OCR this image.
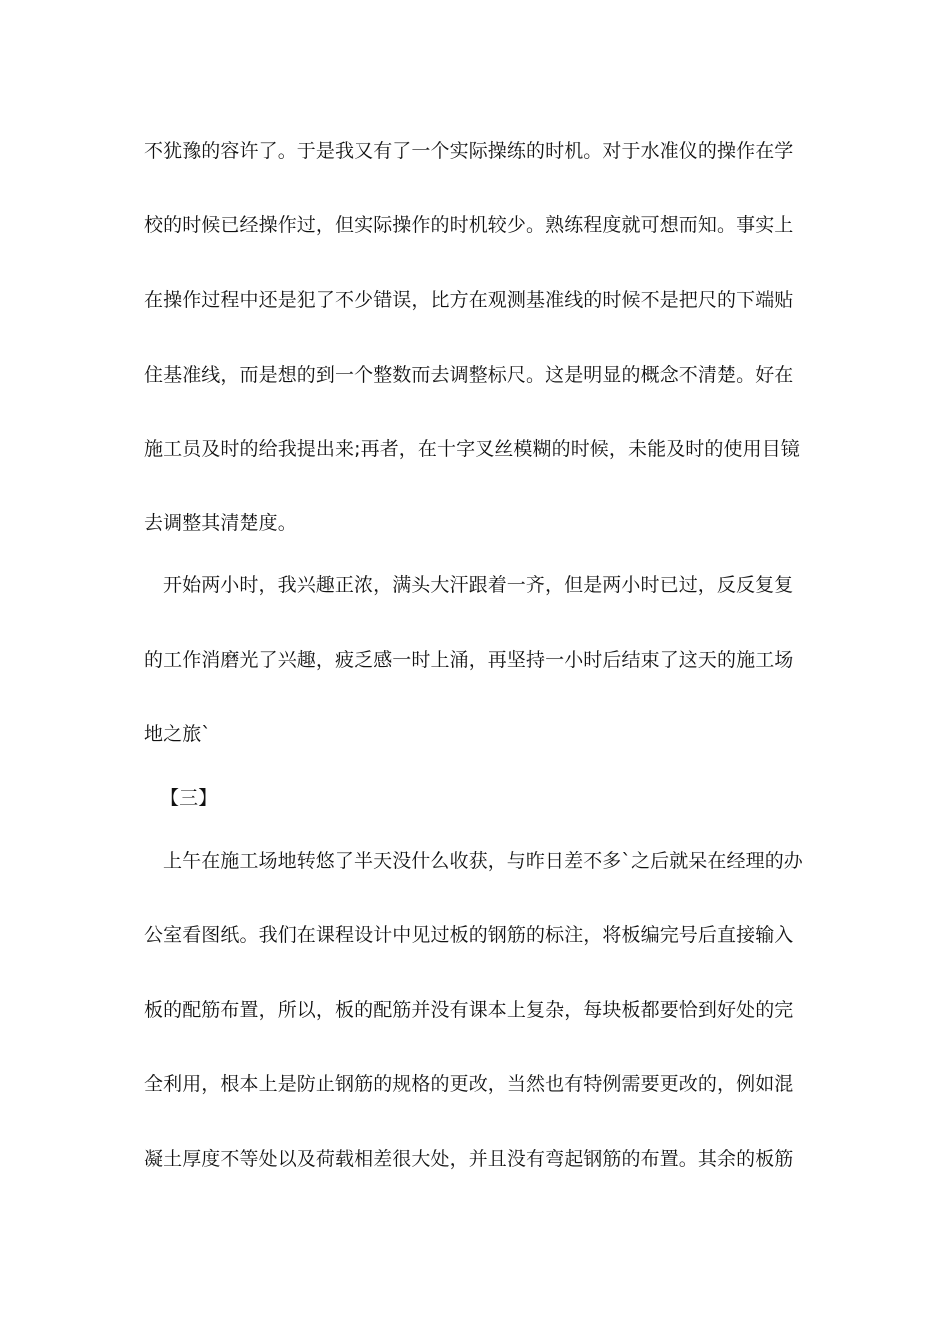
不犹豫的容许了。于是我又有了一个实际操练的时机。对于水准仪的操作在学
校的时候已经操作过，但实际操作的时机较少。熟练程度就可想而知。事实上
在操作过程中还是犯了不少错误，比方在观测基准线的时候不是把尺的下端贴
住基准线，而是想的到一个整数而去调整标尺。这是明显的概念不清楚。好在
施工员及时的给我提出来;再者，在十字叉丝模糊的时候，未能及时的使用目镜
去调整其清楚度。
开始两小时，我兴趣正浓，满头大汗跟着一齐，但是两小时已过，反反复复
的工作消磨光了兴趣，疲乏感一时上涌，再坚持一小时后结束了这天的施工场
地之旅`
【三】
上午在施工场地转悠了半天没什么收获，与昨日差不多`之后就呆在经理的办
公室看图纸。我们在课程设计中见过板的钢筋的标注，将板编完号后直接输入
板的配筋布置，所以，板的配筋并没有课本上复杂，每块板都要恰到好处的完
全利用，根本上是防止钢筋的规格的更改，当然也有特例需要更改的，例如混
凝土厚度不等处以及荷载相差很大处，并且没有弯起钢筋的布置。其余的板筋
